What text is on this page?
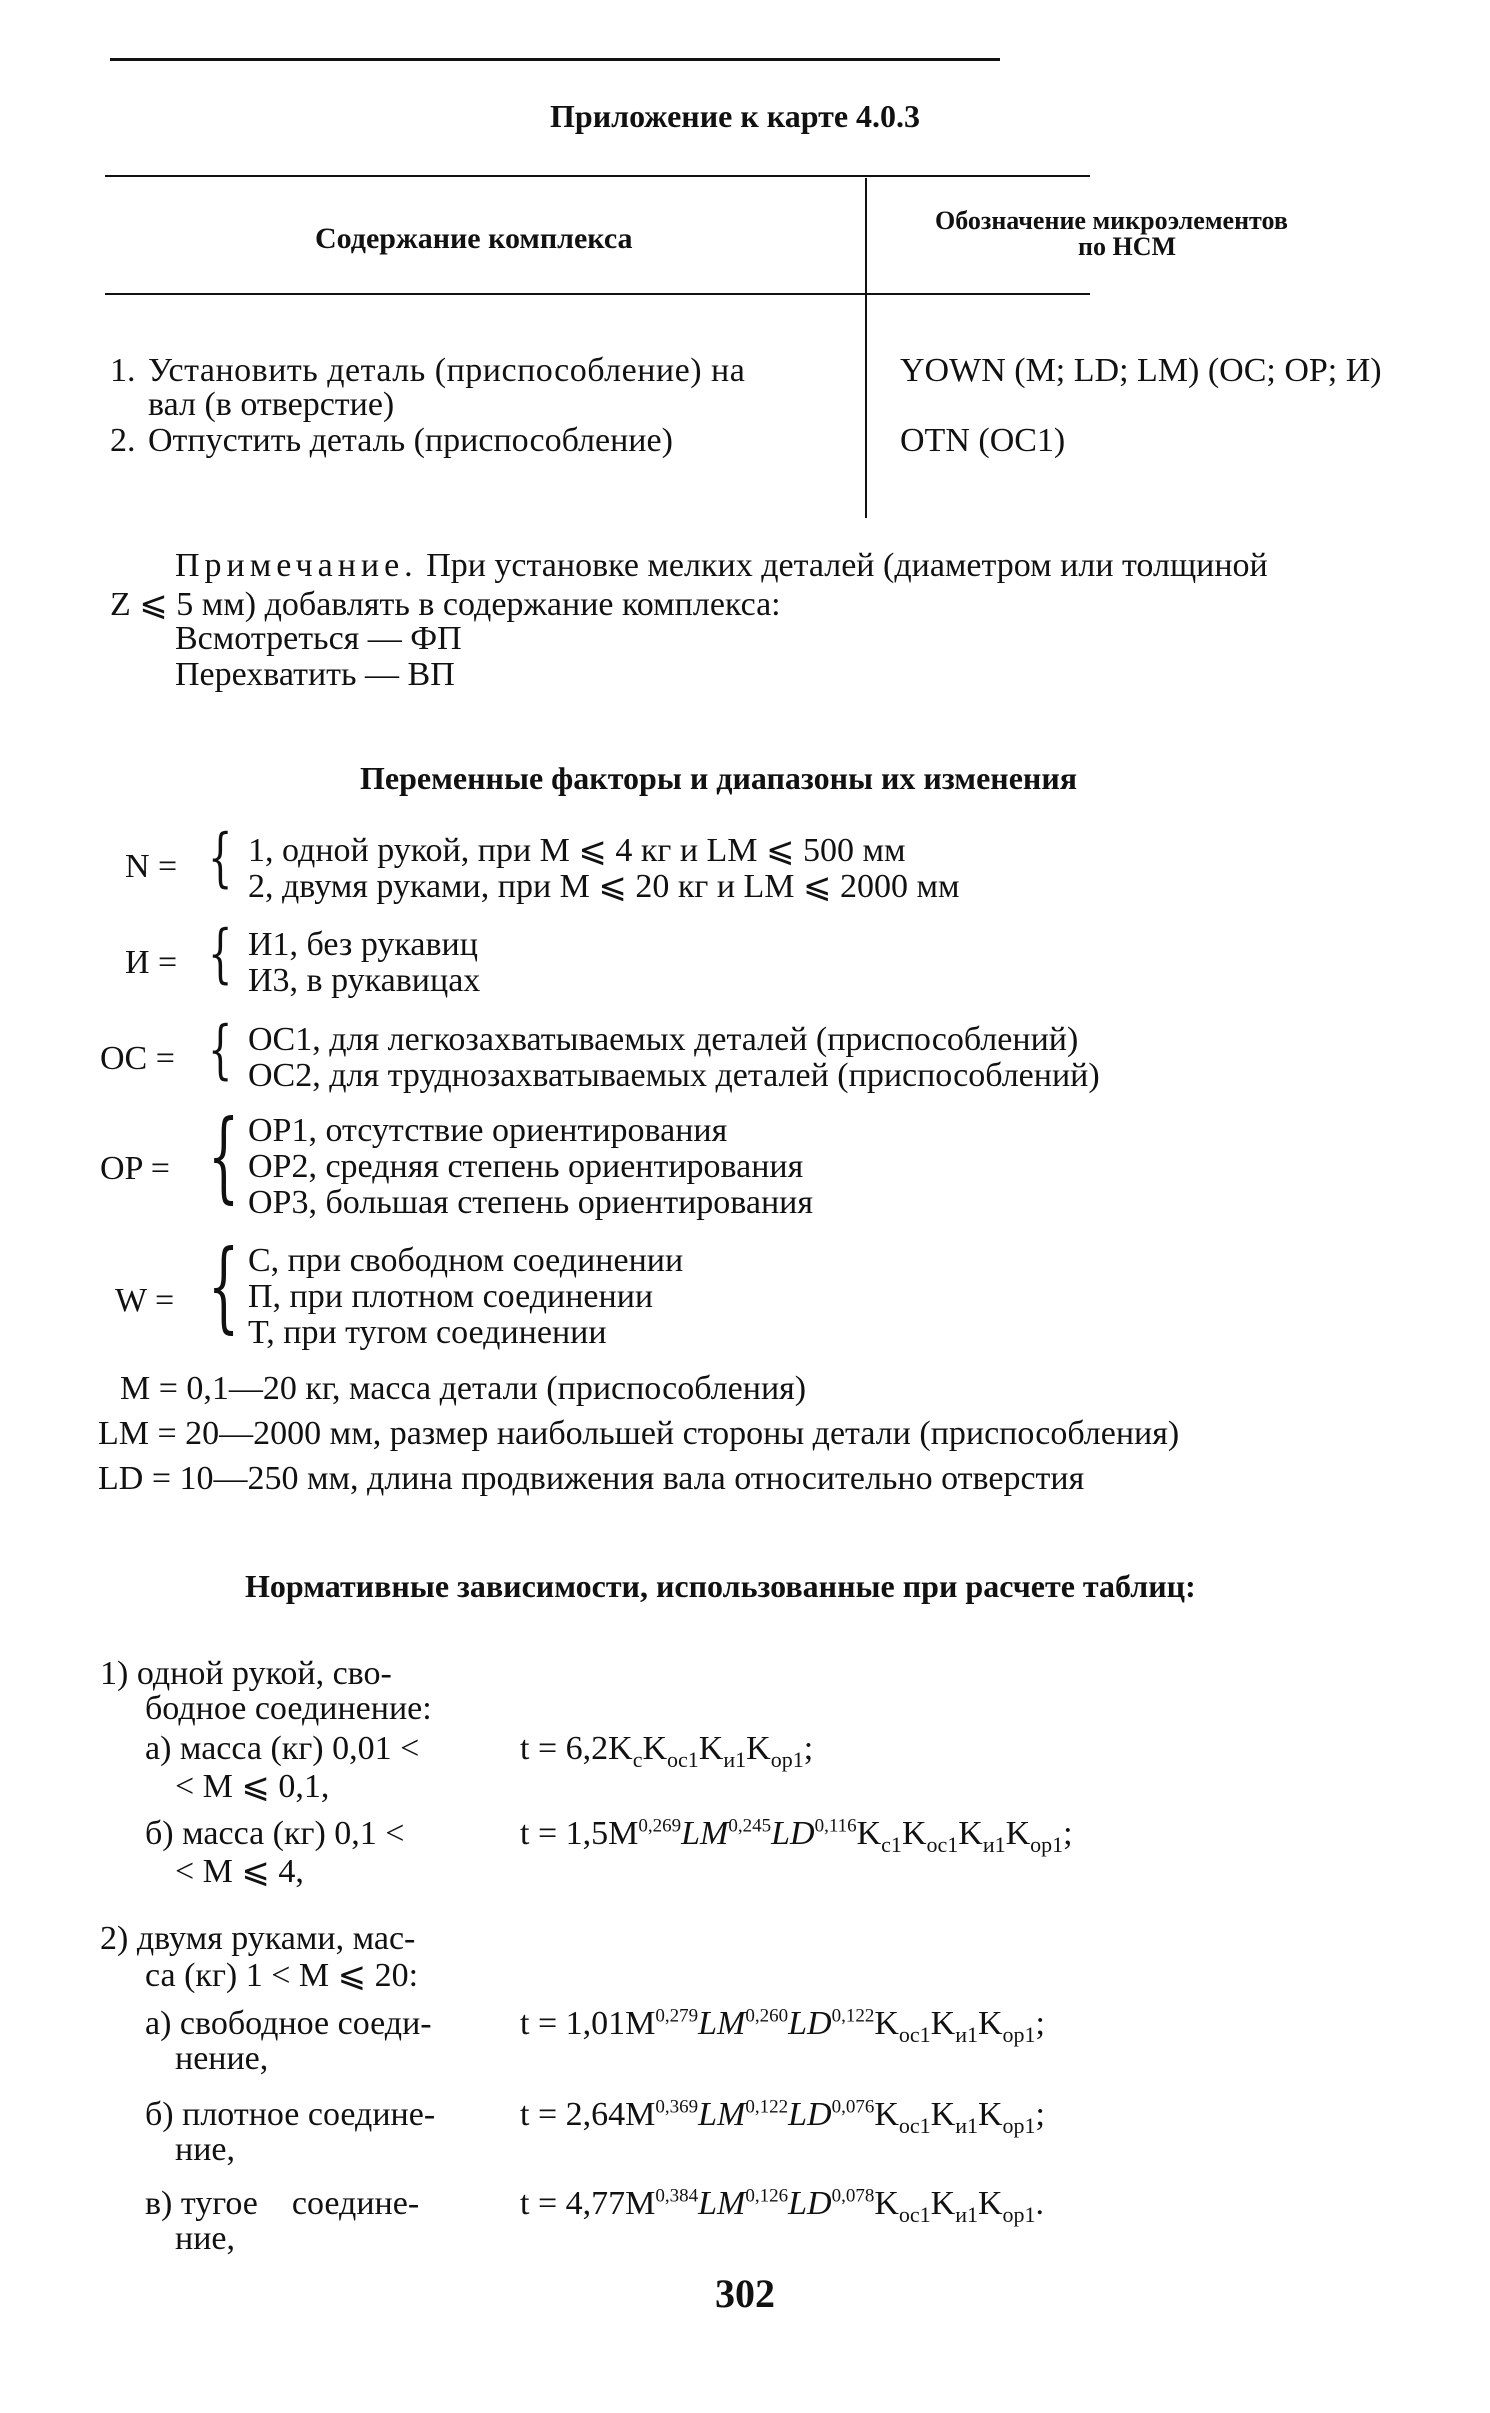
Приложение к карте 4.0.3
Содержание комплекса
Обозначение микроэлементов
по НСМ
1. Установить деталь (приспособление) на
вал (в отверстие)
YOWN (M; LD; LM) (OC; OP; И)
2. Отпустить деталь (приспособление)	OTN (OC1)
Примечание. При установке мелких деталей (диаметром или толщиной
Z ⩽ 5 мм) добавлять в содержание комплекса:
Всмотреться — ФП
Перехватить — ВП
Переменные факторы и диапазоны их изменения
N = { 1, одной рукой, при M ⩽ 4 кг и LM ⩽ 500 мм
2, двумя руками, при M ⩽ 20 кг и LM ⩽ 2000 мм
И = { И1, без рукавиц
И3, в рукавицах
OC = { OC1, для легкозахватываемых деталей (приспособлений)
OC2, для труднозахватываемых деталей (приспособлений)
OP = { OP1, отсутствие ориентирования
OP2, средняя степень ориентирования
OP3, большая степень ориентирования
W = { C, при свободном соединении
П, при плотном соединении
T, при тугом соединении
M = 0,1—20 кг, масса детали (приспособления)
LM = 20—2000 мм, размер наибольшей стороны детали (приспособления)
LD = 10—250 мм, длина продвижения вала относительно отверстия
Нормативные зависимости, использованные при расчете таблиц:
1) одной рукой, сво-
бодное соединение:
а) масса (кг) 0,01 <
< M ⩽ 0,1,
$t = 6,2K_cK_{oc1}K_{и1}K_{op1}$;
б) масса (кг) 0,1 <
< M ⩽ 4,
$t = 1,5M^{0,269}LM^{0,245}LD^{0,116}K_{c1}K_{oc1}K_{и1}K_{op1}$;
2) двумя руками, мас-
са (кг) 1 < M ⩽ 20:
а) свободное соеди-
нение,
$t = 1,01M^{0,279}LM^{0,260}LD^{0,122}K_{oc1}K_{и1}K_{op1}$;
б) плотное соедине-
ние,
$t = 2,64M^{0,369}LM^{0,122}LD^{0,076}K_{oc1}K_{и1}K_{op1}$;
в) тугое    соедине-
ние,
$t = 4,77M^{0,384}LM^{0,126}LD^{0,078}K_{oc1}K_{и1}K_{op1}$.
302
